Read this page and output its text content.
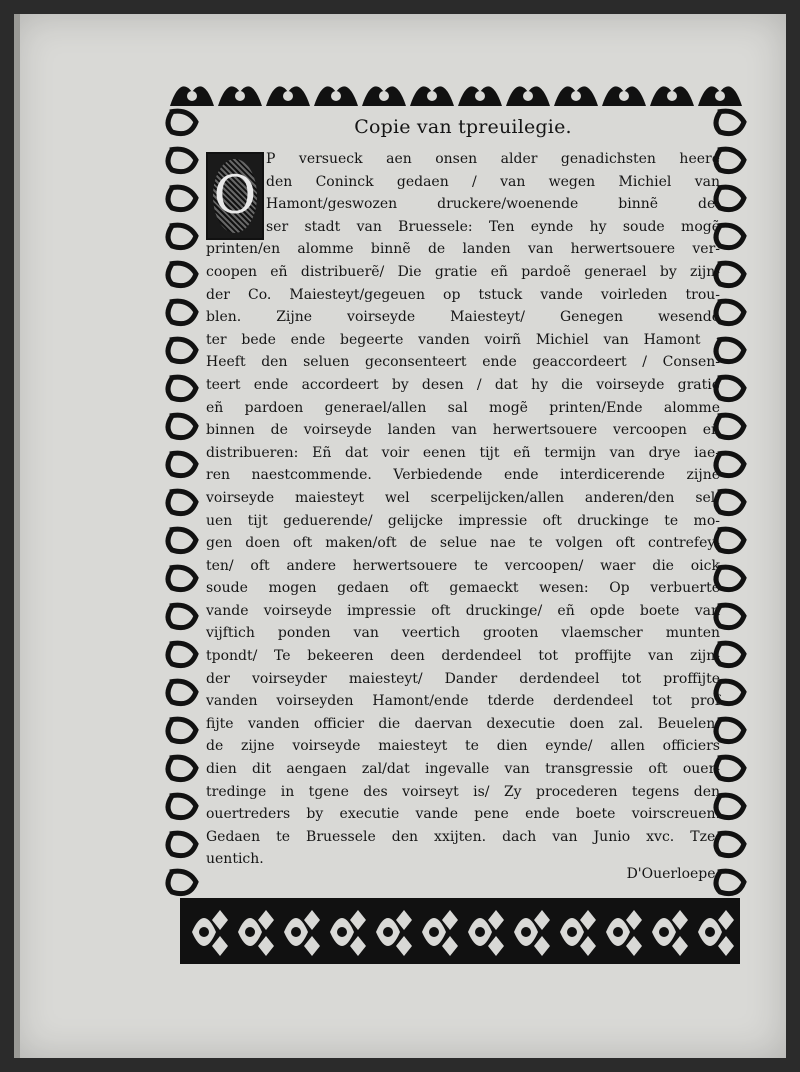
Copie van tpreuilegie.
O
P versueck aen onsen alder genadichsten heere
den Coninck gedaen / van wegen Michiel van
Hamont/geswozen druckere/woenende binnẽ de-
ser stadt van Bruessele: Ten eynde hy soude mogẽ
printen/en alomme binnẽ de landen van herwertsouere ver-
coopen eñ distribuerẽ/ Die gratie eñ pardoẽ generael by zijn-
der Co. Maiesteyt/gegeuen op tstuck vande voirleden trou-
blen. Zijne voirseyde Maiesteyt/ Genegen wesende
ter bede ende begeerte vanden voirñ Michiel van Hamont :
Heeft den seluen geconsenteert ende geaccordeert / Consen-
teert ende accordeert by desen / dat hy die voirseyde gratie
eñ pardoen generael/allen sal mogẽ printen/Ende alomme
binnen de voirseyde landen van herwertsouere vercoopen eñ
distribueren: Eñ dat voir eenen tijt eñ termijn van drye iae-
ren naestcommende. Verbiedende ende interdicerende zijne
voirseyde maiesteyt wel scerpelijcken/allen anderen/den sel-
uen tijt geduerende/ gelijcke impressie oft druckinge te mo-
gen doen oft maken/oft de selue nae te volgen oft contrefey-
ten/ oft andere herwertsouere te vercoopen/ waer die oick
soude mogen gedaen oft gemaeckt wesen: Op verbuerte
vande voirseyde impressie oft druckinge/ eñ opde boete van
vijftich ponden van veertich grooten vlaemscher munten
tpondt/ Te bekeeren deen derdendeel tot proffijte van zijn-
der voirseyder maiesteyt/ Dander derdendeel tot proffijte
vanden voirseyden Hamont/ende tderde derdendeel tot prof
fijte vanden officier die daervan dexecutie doen zal. Beuelen-
de zijne voirseyde maiesteyt te dien eynde/ allen officiers
dien dit aengaen zal/dat ingevalle van transgressie oft ouer-
tredinge in tgene des voirseyt is/ Zy procederen tegens den
ouertreders by executie vande pene ende boete voirscreuen.
Gedaen te Bruessele den xxijten. dach van Junio xvc. Tze-
uentich.
D'Ouerloepe.
